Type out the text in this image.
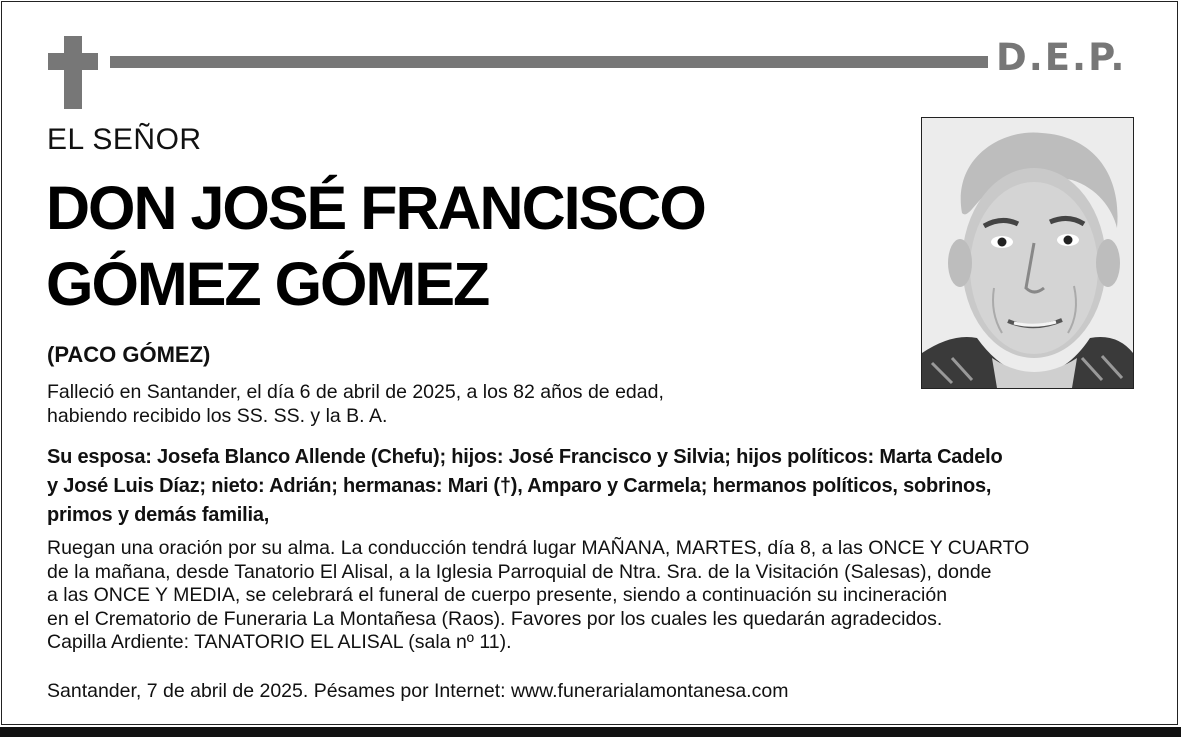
D.E.P.
EL SEÑOR
DON JOSÉ FRANCISCO
GÓMEZ GÓMEZ
(PACO GÓMEZ)
Falleció en Santander, el día 6 de abril de 2025, a los 82 años de edad,
habiendo recibido los SS. SS. y la B. A.
Su esposa: Josefa Blanco Allende (Chefu); hijos: José Francisco y Silvia; hijos políticos: Marta Cadelo
y José Luis Díaz; nieto: Adrián; hermanas: Mari (†), Amparo y Carmela; hermanos políticos, sobrinos,
primos y demás familia,
Ruegan una oración por su alma. La conducción tendrá lugar MAÑANA, MARTES, día 8, a las ONCE Y CUARTO
de la mañana, desde Tanatorio El Alisal, a la Iglesia Parroquial de Ntra. Sra. de la Visitación (Salesas), donde
a las ONCE Y MEDIA, se celebrará el funeral de cuerpo presente, siendo a continuación su incineración
en el Crematorio de Funeraria La Montañesa (Raos). Favores por los cuales les quedarán agradecidos.
Capilla Ardiente: TANATORIO EL ALISAL (sala nº 11).
Santander, 7 de abril de 2025. Pésames por Internet: www.funerarialamontanesa.com
